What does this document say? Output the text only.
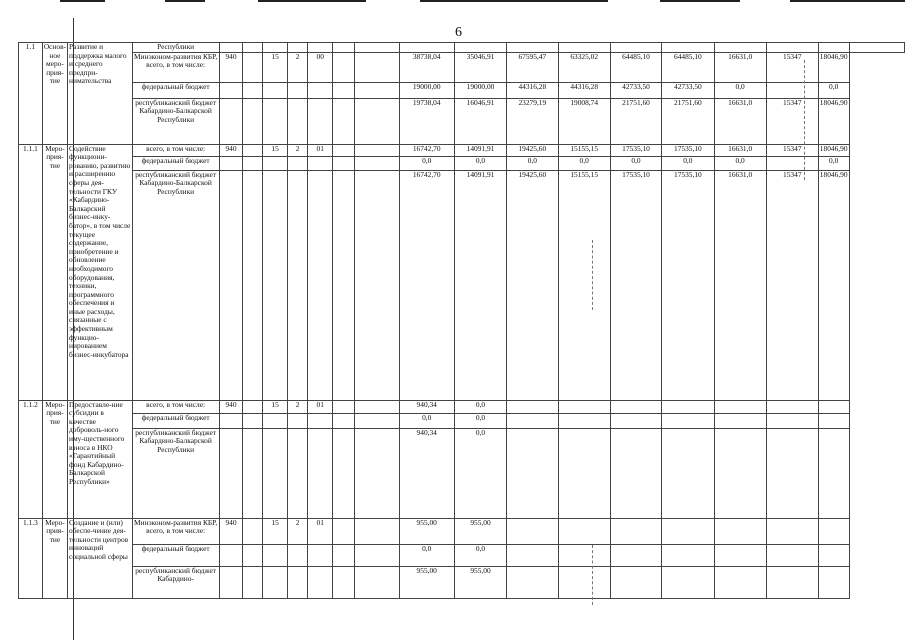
6
1.1	Основ-ное меро-прия-тие	Развитие и поддержка малого и среднего предпри-нимательства	Республики																	
			Минэконом-развития КБР, всего, в том числе:	940		15	2	00			38738,04	35046,91	67595,47	63325,02	64485,10	64485,10	16631,0	15347	18046,90	
			федеральный бюджет								19000,00	19000,00	44316,28	44316,28	42733,50	42733,50	0,0		0,0	
			республиканский бюджет Кабардино-Балкарской Республики								19738,04	16046,91	23279,19	19008,74	21751,60	21751,60	16631,0	15347	18046,90	
1.1.1	Меро-прия-тие	Содействие функциони-рованию, развитию и расширению сферы дея-тельности ГКУ «Кабардино-Балкарский бизнес-инку-батор», в том числе текущее содержание, приобретение и обновление необходимого оборудования, техники, программного обеспечения и иные расходы, связанные с эффективным функцио-нированием бизнес-инкубатора	всего, в том числе:	940		15	2	01			16742,70	14091,91	19425,60	15155,15	17535,10	17535,10	16631,0	15347	18046,90	
			федеральный бюджет								0,0	0,0	0,0	0,0	0,0	0,0	0,0		0,0	
			республиканский бюджет Кабардино-Балкарской Республики								16742,70	14091,91	19425,60	15155,15	17535,10	17535,10	16631,0	15347	18046,90	
1.1.2	Меро-прия-тие	Предоставле-ние субсидии в качестве доброволь-ного иму-щественного взноса в НКО «Гарантийный фонд Кабардино-Балкарской Республики»	всего, в том числе:	940		15	2	01			940,34	0,0								
			федеральный бюджет								0,0	0,0								
			республиканский бюджет Кабардино-Балкарской Республики								940,34	0,0								
1.1.3	Меро-прия-тие	Создание и (или) обеспе-чение дея-тельности центров инноваций социальной сферы	Минэконом-развития КБР, всего, в том числе:	940		15	2	01			955,00	955,00								
			федеральный бюджет								0,0	0,0								
			республиканский бюджет Кабардино-								955,00	955,00								
